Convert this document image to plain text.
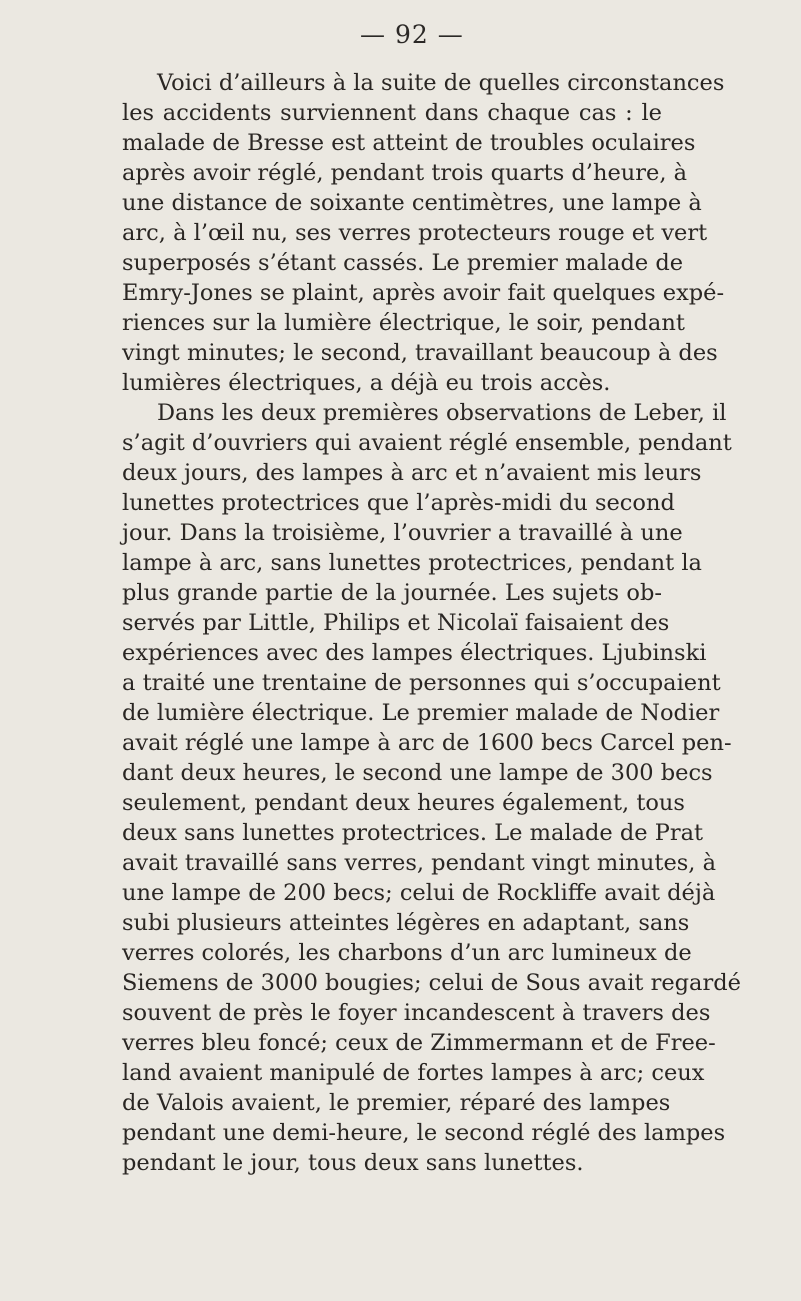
— 92 —
Voici d’ailleurs à la suite de quelles circonstances
les accidents surviennent dans chaque cas : le
malade de Bresse est atteint de troubles oculaires
après avoir réglé, pendant trois quarts d’heure, à
une distance de soixante centimètres, une lampe à
arc, à l’œil nu, ses verres protecteurs rouge et vert
superposés s’étant cassés. Le premier malade de
Emry-Jones se plaint, après avoir fait quelques expé-
riences sur la lumière électrique, le soir, pendant
vingt minutes; le second, travaillant beaucoup à des
lumières électriques, a déjà eu trois accès.
Dans les deux premières observations de Leber, il
s’agit d’ouvriers qui avaient réglé ensemble, pendant
deux jours, des lampes à arc et n’avaient mis leurs
lunettes protectrices que l’après-midi du second
jour. Dans la troisième, l’ouvrier a travaillé à une
lampe à arc, sans lunettes protectrices, pendant la
plus grande partie de la journée. Les sujets ob-
servés par Little, Philips et Nicolaï faisaient des
expériences avec des lampes électriques. Ljubinski
a traité une trentaine de personnes qui s’occupaient
de lumière électrique. Le premier malade de Nodier
avait réglé une lampe à arc de 1600 becs Carcel pen-
dant deux heures, le second une lampe de 300 becs
seulement, pendant deux heures également, tous
deux sans lunettes protectrices. Le malade de Prat
avait travaillé sans verres, pendant vingt minutes, à
une lampe de 200 becs; celui de Rockliffe avait déjà
subi plusieurs atteintes légères en adaptant, sans
verres colorés, les charbons d’un arc lumineux de
Siemens de 3000 bougies; celui de Sous avait regardé
souvent de près le foyer incandescent à travers des
verres bleu foncé; ceux de Zimmermann et de Free-
land avaient manipulé de fortes lampes à arc; ceux
de Valois avaient, le premier, réparé des lampes
pendant une demi-heure, le second réglé des lampes
pendant le jour, tous deux sans lunettes.
